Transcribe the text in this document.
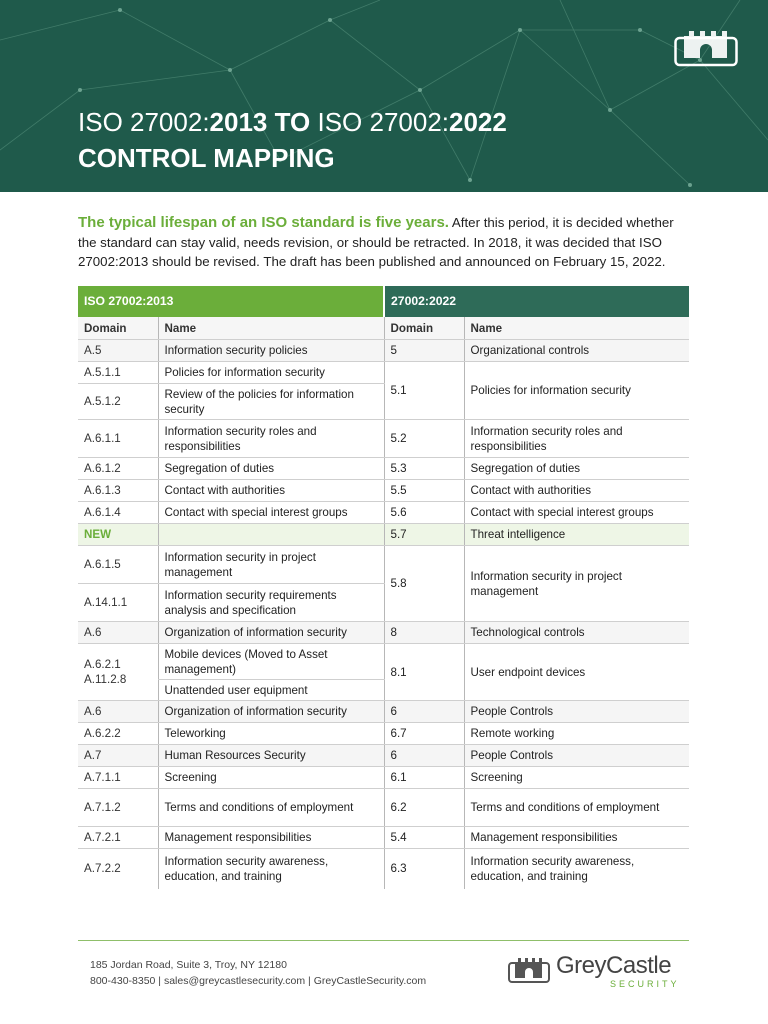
ISO 27002:2013 TO ISO 27002:2022
CONTROL MAPPING
The typical lifespan of an ISO standard is five years. After this period, it is decided whether the standard can stay valid, needs revision, or should be retracted. In 2018, it was decided that ISO 27002:2013 should be revised. The draft has been published and announced on February 15, 2022.
ISO 27002:2013		27002:2022	
Domain	Name	Domain	Name
A.5	Information security policies	5	Organizational controls
A.5.1.1	Policies for information security	5.1	Policies for information security
A.5.1.2	Review of the policies for information security		
A.6.1.1	Information security roles and responsibilities	5.2	Information security roles and responsibilities
A.6.1.2	Segregation of duties	5.3	Segregation of duties
A.6.1.3	Contact with authorities	5.5	Contact with authorities
A.6.1.4	Contact with special interest groups	5.6	Contact with special interest groups
NEW		5.7	Threat intelligence
A.6.1.5	Information security in project management	5.8	Information security in project management
A.14.1.1	Information security requirements analysis and specification		
A.6	Organization of information security	8	Technological controls
A.6.2.1
A.11.2.8	Mobile devices (Moved to Asset management)	8.1	User endpoint devices
	Unattended user equipment		
A.6	Organization of information security	6	People Controls
A.6.2.2	Teleworking	6.7	Remote working
A.7	Human Resources Security	6	People Controls
A.7.1.1	Screening	6.1	Screening
A.7.1.2	Terms and conditions of employment	6.2	Terms and conditions of employment
A.7.2.1	Management responsibilities	5.4	Management responsibilities
A.7.2.2	Information security awareness, education, and training	6.3	Information security awareness, education, and training
185 Jordan Road, Suite 3, Troy, NY 12180
800-430-8350 | sales@greycastlesecurity.com | GreyCastleSecurity.com
GreyCastle
SECURITY
